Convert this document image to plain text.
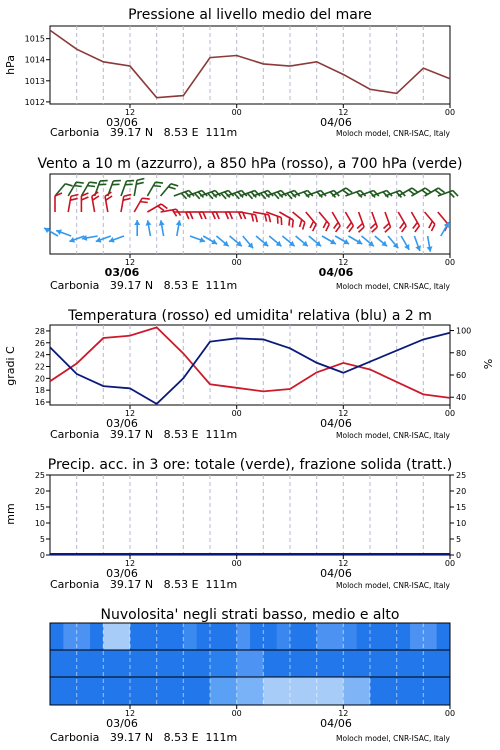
Pressione al livello medio del mare
hPa
1012
1013
1014
1015
12	00	12	00
03/06	04/06
Carbonia   39.17 N   8.53 E  111m	Moloch model, CNR-ISAC, Italy
Vento a 10 m (azzurro), a 850 hPa (rosso), a 700 hPa (verde)
12	00	12	00
03/06	04/06
Carbonia   39.17 N   8.53 E  111m	Moloch model, CNR-ISAC, Italy
Temperatura (rosso) ed umidita' relativa (blu) a 2 m
gradi C	%
16
18
20
22
24
26
28
40
60
80
100
12	00	12	00
03/06	04/06
Carbonia   39.17 N   8.53 E  111m	Moloch model, CNR-ISAC, Italy
Precip. acc. in 3 ore: totale (verde), frazione solida (tratt.)
mm
0
5
10
15
20
25
0
5
10
15
20
25
12	00	12	00
03/06	04/06
Carbonia   39.17 N   8.53 E  111m	Moloch model, CNR-ISAC, Italy
Nuvolosita' negli strati basso, medio e alto
12	00	12	00
03/06	04/06
Carbonia   39.17 N   8.53 E  111m	Moloch model, CNR-ISAC, Italy
